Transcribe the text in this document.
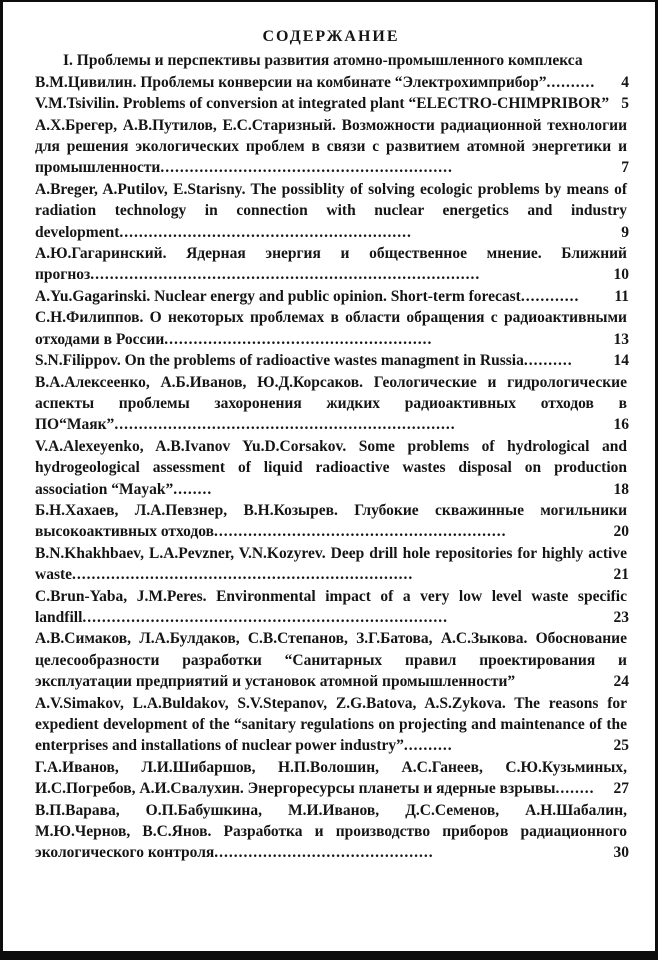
СОДЕРЖАНИЕ

I. Проблемы и перспективы развития атомно-промышленного комплекса

В.М.Цивилин. Проблемы конверсии на комбинате “Электрохимприбор”..........	4

V.M.Tsivilin. Problems of conversion at integrated plant “ELECTRO-CHIMPRIBOR” 5

А.Х.Брегер, А.В.Путилов, Е.С.Старизный. Возможности радиационной технологии для решения экологических проблем в связи с развитием атомной энергетики и промышленности............................................................	7

A.Breger, A.Putilov, E.Starisny. The possiblity of solving ecologic problems by means of radiation technology in connection with nuclear energetics and industry development............................................................	9

А.Ю.Гагаринский. Ядерная энергия и общественное мнение. Ближний прогноз................................................................................	10

A.Yu.Gagarinski. Nuclear energy and public opinion. Short-term forecast............	11

С.Н.Филиппов. О некоторых проблемах в области обращения с радиоактивными отходами в России.......................................................	13

S.N.Filippov. On the problems of radioactive wastes managment in Russia..........	14

В.А.Алексеенко, А.Б.Иванов, Ю.Д.Корсаков. Геологические и гидрологические аспекты проблемы захоронения жидких радиоактивных отходов в ПО“Маяк”......................................................................	16

V.A.Alexeyenko, A.B.Ivanov Yu.D.Corsakov. Some problems of hydrological and hydrogeological assessment of liquid radioactive wastes disposal on production association “Mayak”........	18

Б.Н.Хахаев, Л.А.Певзнер, В.Н.Козырев. Глубокие скважинные могильники высокоактивных отходов............................................................	20

B.N.Khakhbaev, L.A.Pevzner, V.N.Kozyrev. Deep drill hole repositories for highly active waste......................................................................	21

C.Brun-Yaba, J.M.Peres. Environmental impact of a very low level waste specific landfill...........................................................................	23

А.В.Симаков, Л.А.Булдаков, С.В.Степанов, З.Г.Батова, А.С.Зыкова. Обоснование целесообразности разработки “Санитарных правил проектирования и эксплуатации предприятий и установок атомной промышленности”	24

A.V.Simakov, L.A.Buldakov, S.V.Stepanov, Z.G.Batova, A.S.Zykova. The reasons for expedient development of the “sanitary regulations on projecting and maintenance of the enterprises and installations of nuclear power industry”..........	25

Г.А.Иванов, Л.И.Шибаршов, Н.П.Волошин, А.С.Ганеев, С.Ю.Кузьминых, И.С.Погребов, А.И.Свалухин. Энергоресурсы планеты и ядерные взрывы........	27

В.П.Варава, О.П.Бабушкина, М.И.Иванов, Д.С.Семенов, А.Н.Шабалин, М.Ю.Чернов, В.С.Янов. Разработка и производство приборов радиационного экологического контроля.............................................	30
